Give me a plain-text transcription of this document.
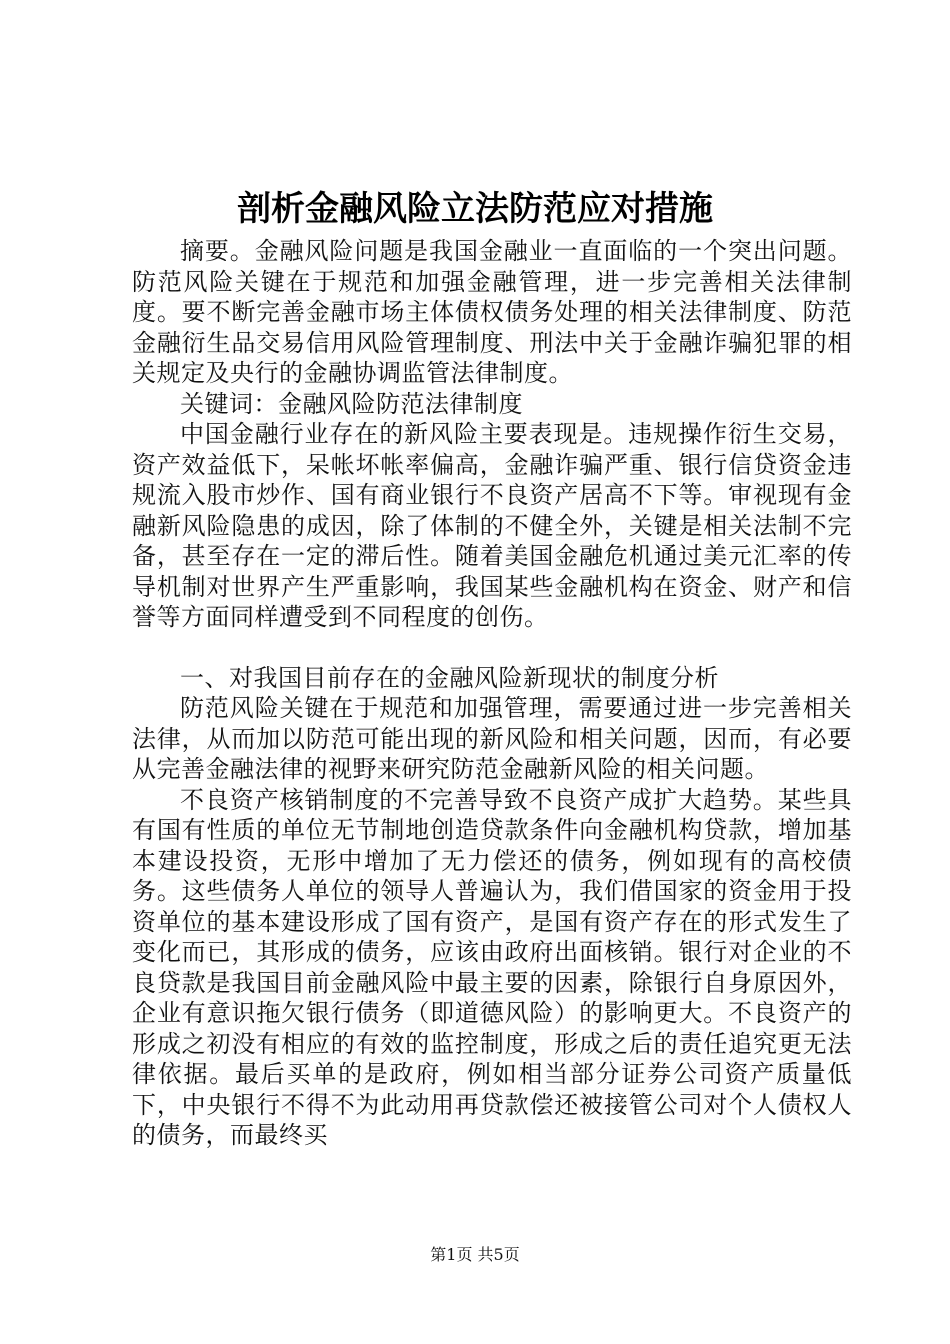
剖析金融风险立法防范应对措施

摘要。金融风险问题是我国金融业一直面临的一个突出问题。防范风险关键在于规范和加强金融管理，进一步完善相关法律制度。要不断完善金融市场主体债权债务处理的相关法律制度、防范金融衍生品交易信用风险管理制度、刑法中关于金融诈骗犯罪的相关规定及央行的金融协调监管法律制度。

关键词：金融风险防范法律制度

中国金融行业存在的新风险主要表现是。违规操作衍生交易，资产效益低下，呆帐坏帐率偏高，金融诈骗严重、银行信贷资金违规流入股市炒作、国有商业银行不良资产居高不下等。审视现有金融新风险隐患的成因，除了体制的不健全外，关键是相关法制不完备，甚至存在一定的滞后性。随着美国金融危机通过美元汇率的传导机制对世界产生严重影响，我国某些金融机构在资金、财产和信誉等方面同样遭受到不同程度的创伤。

一、对我国目前存在的金融风险新现状的制度分析

防范风险关键在于规范和加强管理，需要通过进一步完善相关法律，从而加以防范可能出现的新风险和相关问题，因而，有必要从完善金融法律的视野来研究防范金融新风险的相关问题。

不良资产核销制度的不完善导致不良资产成扩大趋势。某些具有国有性质的单位无节制地创造贷款条件向金融机构贷款，增加基本建设投资，无形中增加了无力偿还的债务，例如现有的高校债务。这些债务人单位的领导人普遍认为，我们借国家的资金用于投资单位的基本建设形成了国有资产，是国有资产存在的形式发生了变化而已，其形成的债务，应该由政府出面核销。银行对企业的不良贷款是我国目前金融风险中最主要的因素，除银行自身原因外，企业有意识拖欠银行债务（即道德风险）的影响更大。不良资产的形成之初没有相应的有效的监控制度，形成之后的责任追究更无法律依据。最后买单的是政府，例如相当部分证券公司资产质量低下，中央银行不得不为此动用再贷款偿还被接管公司对个人债权人的债务，而最终买

第1页 共5页
